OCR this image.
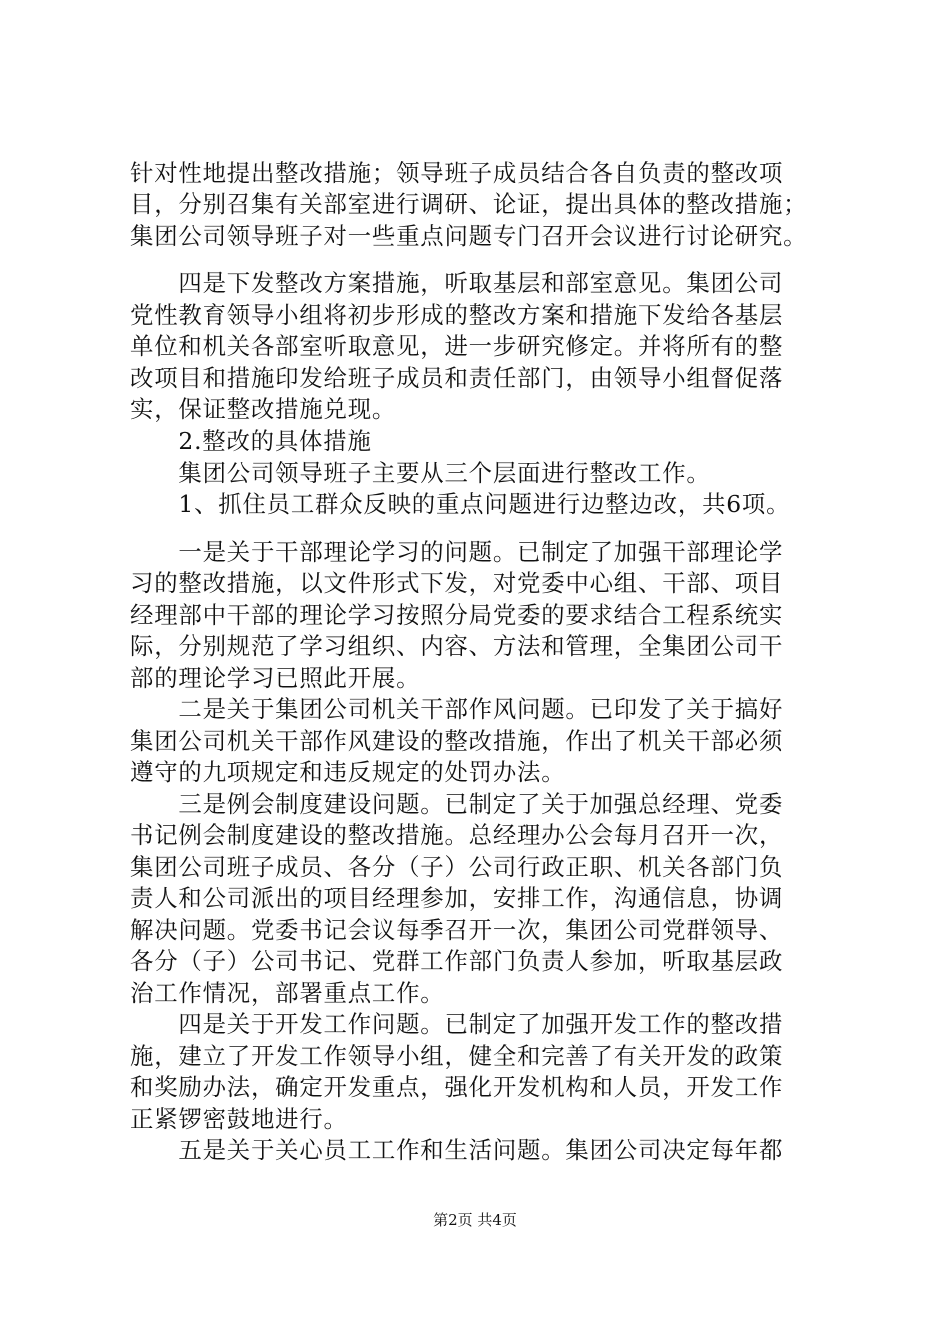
针对性地提出整改措施；领导班子成员结合各自负责的整改项
目，分别召集有关部室进行调研、论证，提出具体的整改措施；
集团公司领导班子对一些重点问题专门召开会议进行讨论研究。
　　四是下发整改方案措施，听取基层和部室意见。集团公司
党性教育领导小组将初步形成的整改方案和措施下发给各基层
单位和机关各部室听取意见，进一步研究修定。并将所有的整
改项目和措施印发给班子成员和责任部门，由领导小组督促落
实，保证整改措施兑现。
　　2.整改的具体措施
　　集团公司领导班子主要从三个层面进行整改工作。
　　1、抓住员工群众反映的重点问题进行边整边改，共6项。
　　一是关于干部理论学习的问题。已制定了加强干部理论学
习的整改措施，以文件形式下发，对党委中心组、干部、项目
经理部中干部的理论学习按照分局党委的要求结合工程系统实
际，分别规范了学习组织、内容、方法和管理，全集团公司干
部的理论学习已照此开展。
　　二是关于集团公司机关干部作风问题。已印发了关于搞好
集团公司机关干部作风建设的整改措施，作出了机关干部必须
遵守的九项规定和违反规定的处罚办法。
　　三是例会制度建设问题。已制定了关于加强总经理、党委
书记例会制度建设的整改措施。总经理办公会每月召开一次，
集团公司班子成员、各分（子）公司行政正职、机关各部门负
责人和公司派出的项目经理参加，安排工作，沟通信息，协调
解决问题。党委书记会议每季召开一次，集团公司党群领导、
各分（子）公司书记、党群工作部门负责人参加，听取基层政
治工作情况，部署重点工作。
　　四是关于开发工作问题。已制定了加强开发工作的整改措
施，建立了开发工作领导小组，健全和完善了有关开发的政策
和奖励办法，确定开发重点，强化开发机构和人员，开发工作
正紧锣密鼓地进行。
　　五是关于关心员工工作和生活问题。集团公司决定每年都
第2页 共4页
